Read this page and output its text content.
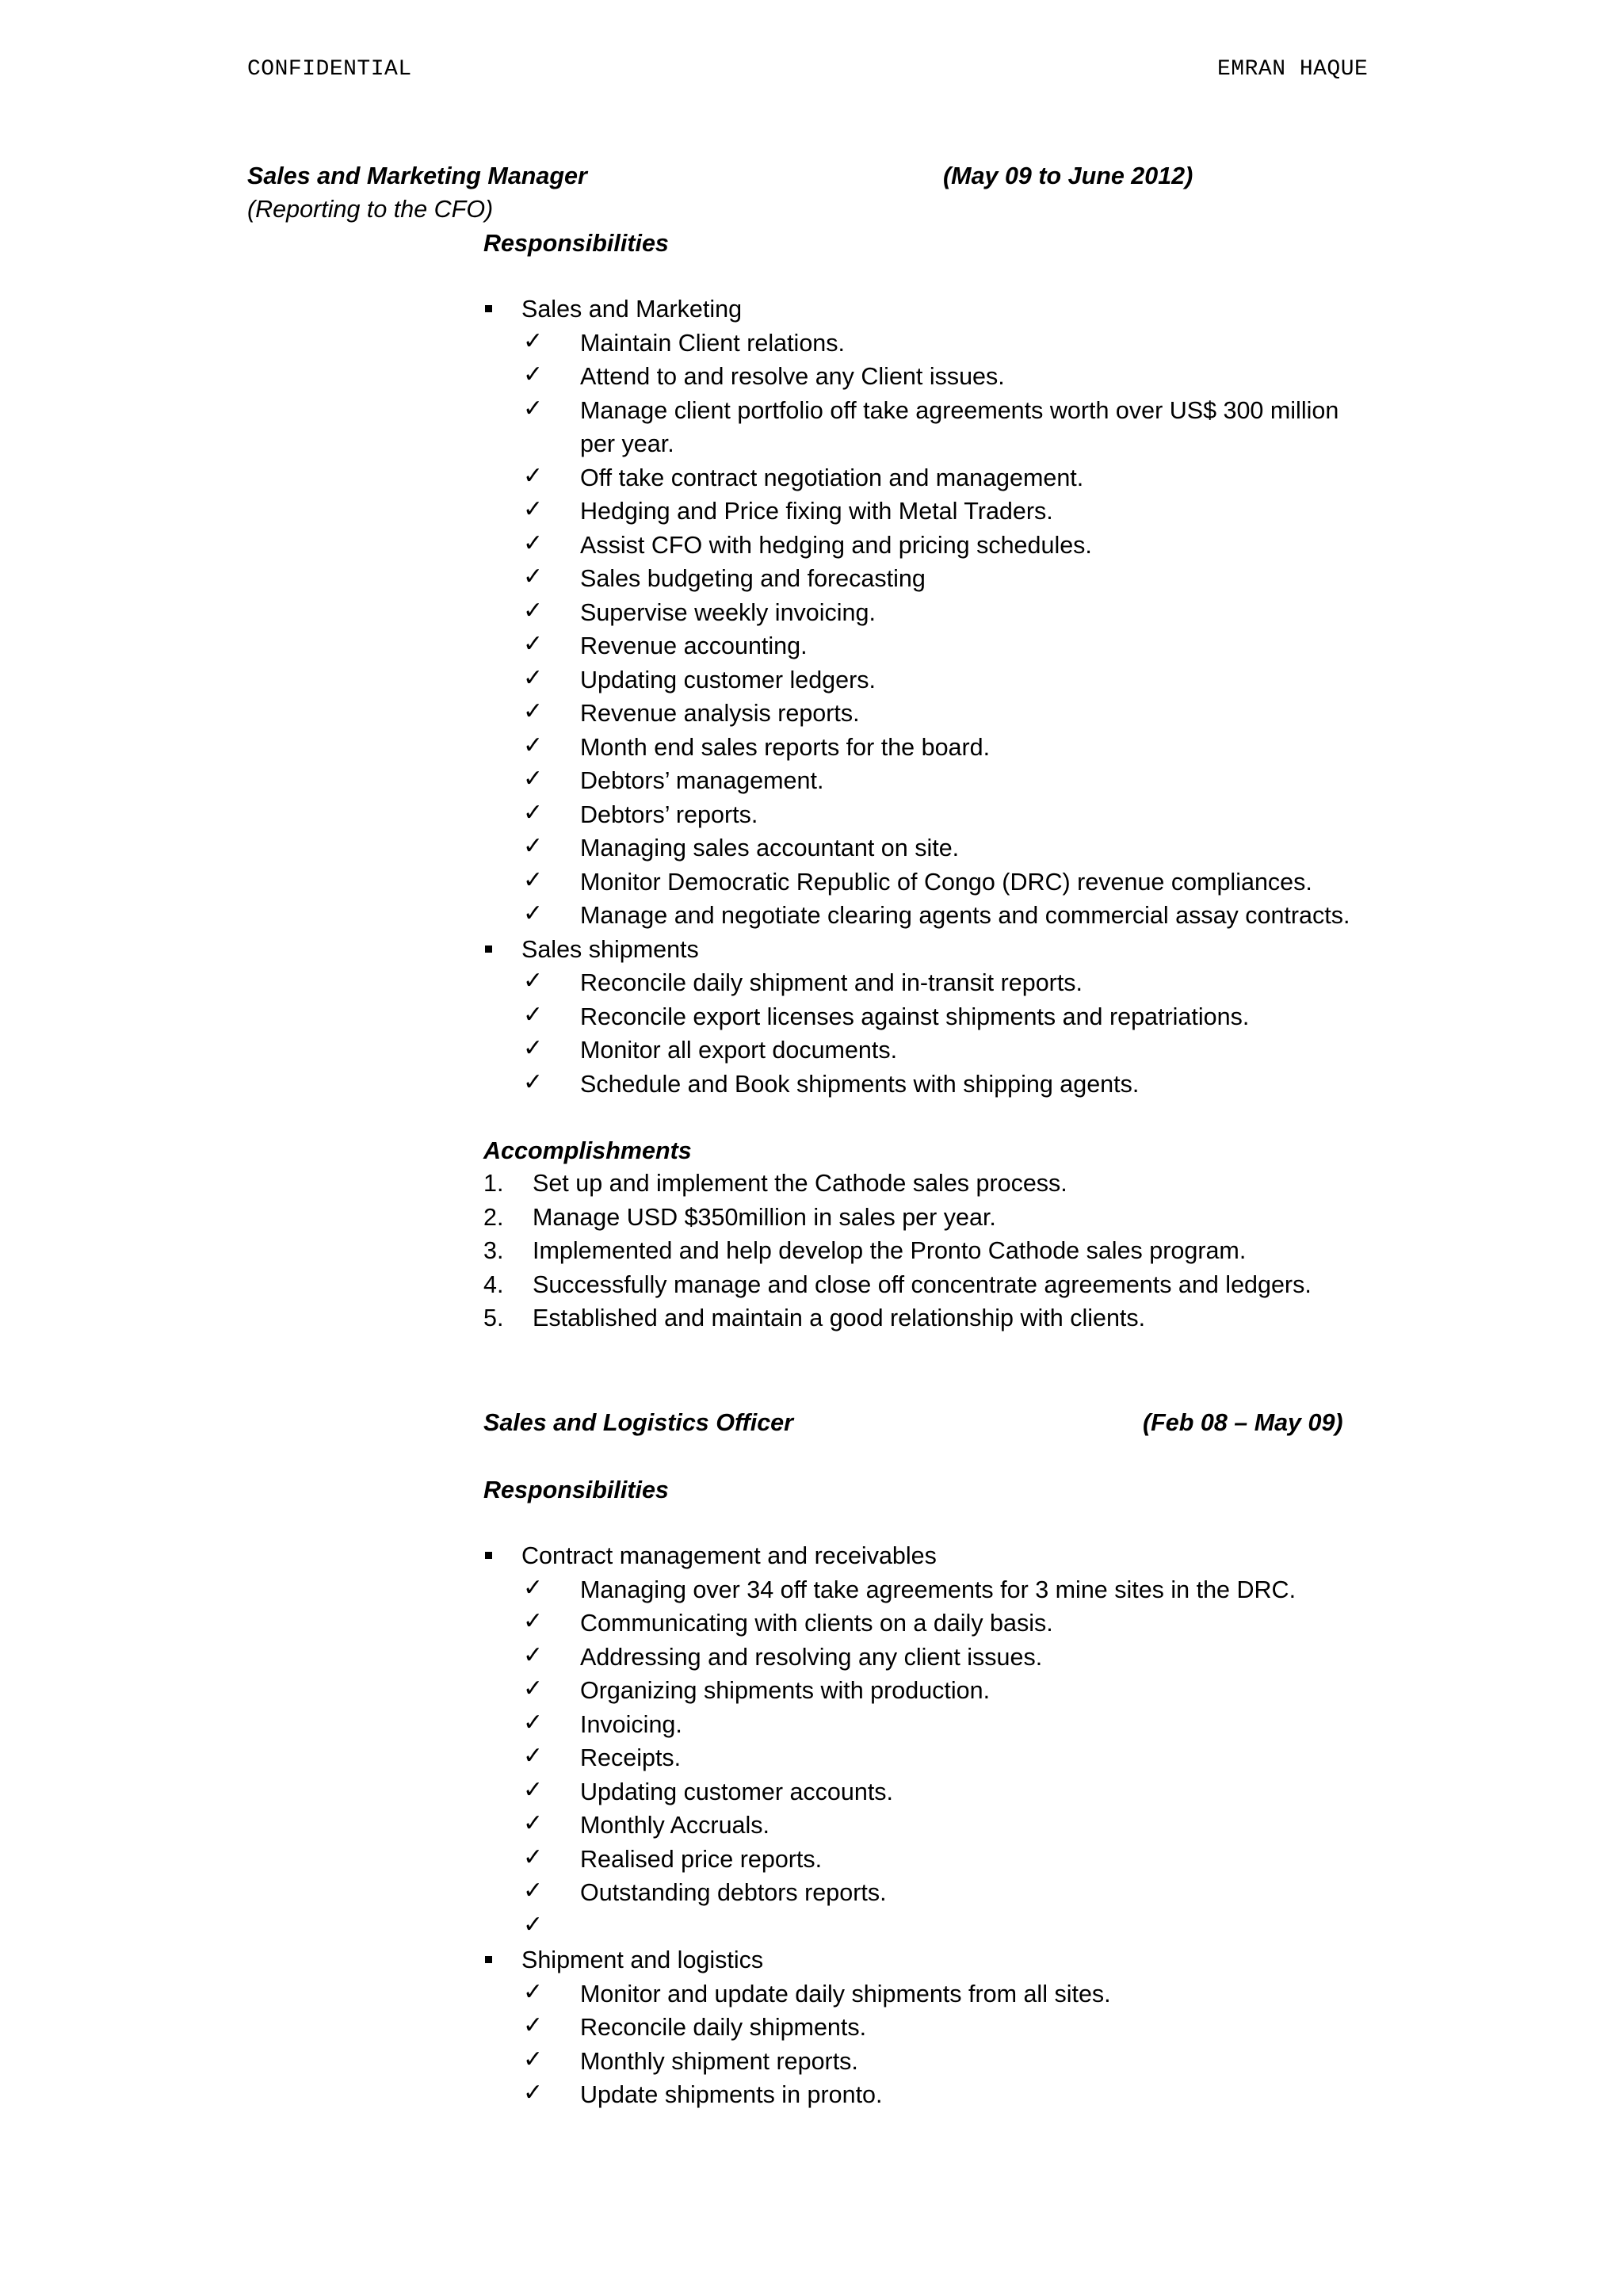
CONFIDENTIAL	EMRAN HAQUE
Sales and Marketing Manager	(May 09 to June 2012)
(Reporting to the CFO)
Responsibilities
Sales and Marketing
✓ Maintain Client relations.
✓ Attend to and resolve any Client issues.
✓ Manage client portfolio off take agreements worth over US$ 300 million
per year.
✓ Off take contract negotiation and management.
✓ Hedging and Price fixing with Metal Traders.
✓ Assist CFO with hedging and pricing schedules.
✓ Sales budgeting and forecasting
✓ Supervise weekly invoicing.
✓ Revenue accounting.
✓ Updating customer ledgers.
✓ Revenue analysis reports.
✓ Month end sales reports for the board.
✓ Debtors’ management.
✓ Debtors’ reports.
✓ Managing sales accountant on site.
✓ Monitor Democratic Republic of Congo (DRC) revenue compliances.
✓ Manage and negotiate clearing agents and commercial assay contracts.
Sales shipments
✓ Reconcile daily shipment and in-transit reports.
✓ Reconcile export licenses against shipments and repatriations.
✓ Monitor all export documents.
✓ Schedule and Book shipments with shipping agents.
Accomplishments
1. Set up and implement the Cathode sales process.
2. Manage USD $350million in sales per year.
3. Implemented and help develop the Pronto Cathode sales program.
4. Successfully manage and close off concentrate agreements and ledgers.
5. Established and maintain a good relationship with clients.
Sales and Logistics Officer	(Feb 08 – May 09)
Responsibilities
Contract management and receivables
✓ Managing over 34 off take agreements for 3 mine sites in the DRC.
✓ Communicating with clients on a daily basis.
✓ Addressing and resolving any client issues.
✓ Organizing shipments with production.
✓ Invoicing.
✓ Receipts.
✓ Updating customer accounts.
✓ Monthly Accruals.
✓ Realised price reports.
✓ Outstanding debtors reports.
✓
Shipment and logistics
✓ Monitor and update daily shipments from all sites.
✓ Reconcile daily shipments.
✓ Monthly shipment reports.
✓ Update shipments in pronto.
